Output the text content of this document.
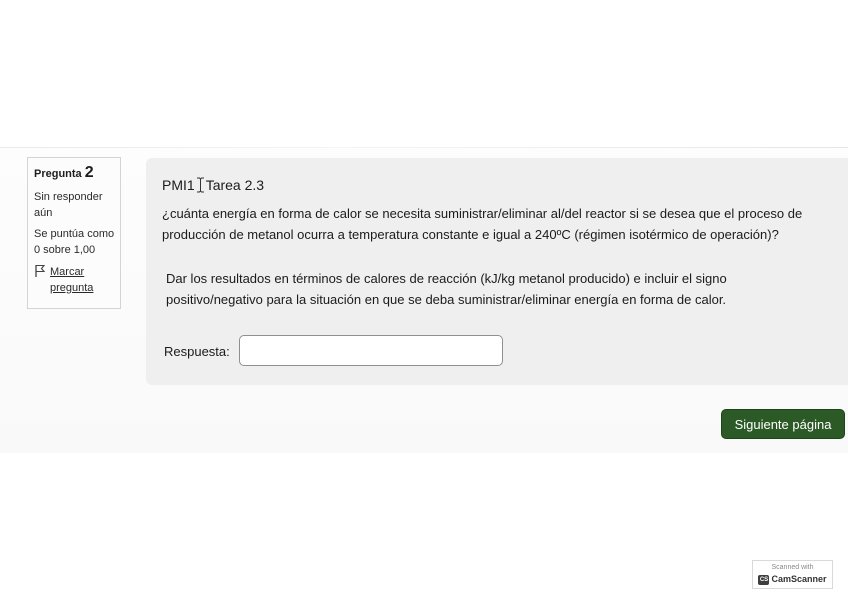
Pregunta 2
Sin responder aún
Se puntúa como 0 sobre 1,00
Marcar pregunta
PMI1 Tarea 2.3
¿cuánta energía en forma de calor se necesita suministrar/eliminar al/del reactor si se desea que el proceso de producción de metanol ocurra a temperatura constante e igual a 240ºC (régimen isotérmico de operación)?
Dar los resultados en términos de calores de reacción (kJ/kg metanol producido) e incluir el signo positivo/negativo para la situación en que se deba suministrar/eliminar energía en forma de calor.
Respuesta:
Siguiente página
Scanned with
CS CamScanner
